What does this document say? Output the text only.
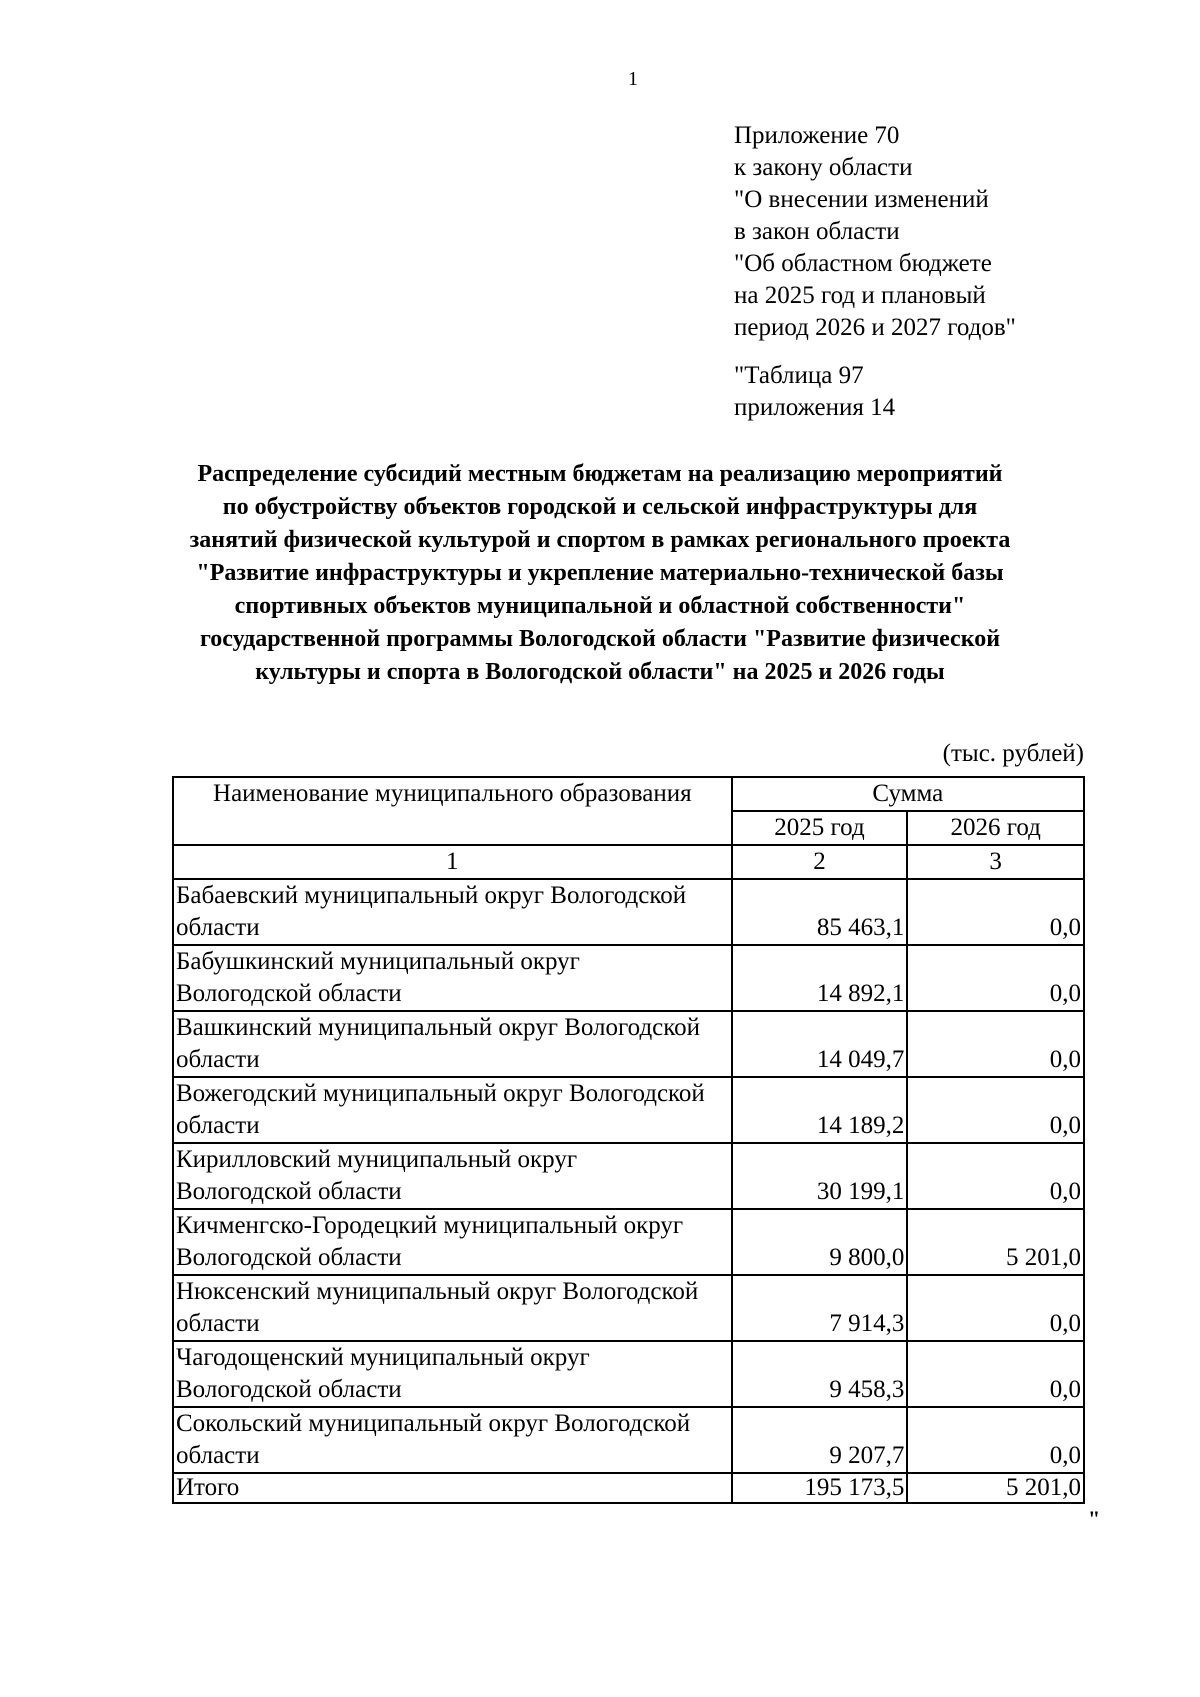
1
Приложение 70
к закону области
"О внесении изменений
в закон области
"Об областном бюджете
на 2025 год и плановый
период 2026 и 2027 годов"
"Таблица 97
приложения 14
Распределение субсидий местным бюджетам на реализацию мероприятий
по обустройству объектов городской и сельской инфраструктуры для
занятий физической культурой и спортом в рамках регионального проекта
"Развитие инфраструктуры и укрепление материально-технической базы
спортивных объектов муниципальной и областной собственности"
государственной программы Вологодской области "Развитие физической
культуры и спорта в Вологодской области" на 2025 и 2026 годы
(тыс. рублей)
Наименование муниципального образования	Сумма	
	2025 год	2026 год
1	2	3

Бабаевский муниципальный округ Вологодской
области	85 463,1	0,0

Бабушкинский муниципальный округ
Вологодской области	14 892,1	0,0

Вашкинский муниципальный округ Вологодской
области	14 049,7	0,0

Вожегодский муниципальный округ Вологодской
области	14 189,2	0,0

Кирилловский муниципальный округ
Вологодской области	30 199,1	0,0

Кичменгско-Городецкий муниципальный округ
Вологодской области	9 800,0	5 201,0

Нюксенский муниципальный округ Вологодской
области	7 914,3	0,0

Чагодощенский муниципальный округ
Вологодской области	9 458,3	0,0

Сокольский муниципальный округ Вологодской
области	9 207,7	0,0
Итого	195 173,5	5 201,0
"
